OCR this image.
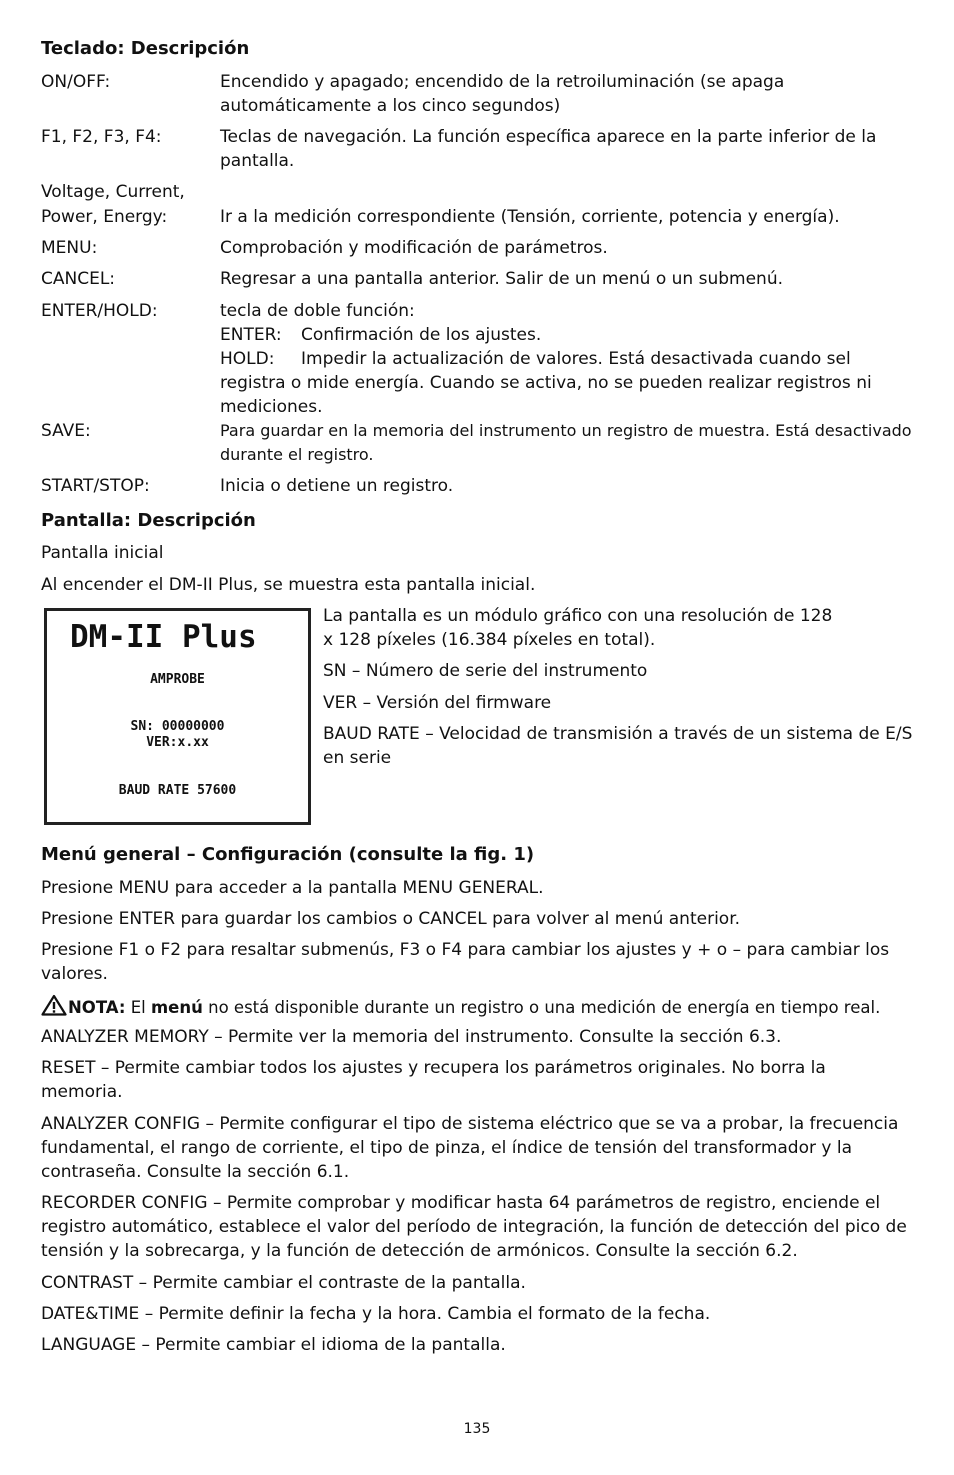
Teclado: Descripción
ON/OFF:	Encendido y apagado; encendido de la retroiluminación (se apaga automáticamente a los cinco segundos)
F1, F2, F3, F4:	Teclas de navegación. La función específica aparece en la parte inferior de la pantalla.
Voltage, Current,
Power, Energy:	Ir a la medición correspondiente (Tensión, corriente, potencia y energía).
MENU:	Comprobación y modificación de parámetros.
CANCEL:	Regresar a una pantalla anterior. Salir de un menú o un submenú.
ENTER/HOLD:	tecla de doble función:
ENTER: Confirmación de los ajustes.
HOLD: Impedir la actualización de valores. Está desactivada cuando sel registra o mide energía. Cuando se activa, no se pueden realizar registros ni mediciones.
SAVE:	Para guardar en la memoria del instrumento un registro de muestra. Está desactivado durante el registro.
START/STOP:	Inicia o detiene un registro.
Pantalla: Descripción

Pantalla inicial

Al encender el DM-II Plus, se muestra esta pantalla inicial.

DM-II Plus
AMPROBE
SN: 00000000
VER:x.xx
BAUD RATE 57600

La pantalla es un módulo gráfico con una resolución de 128 x 128 píxeles (16.384 píxeles en total).

SN – Número de serie del instrumento

VER – Versión del firmware

BAUD RATE – Velocidad de transmisión a través de un sistema de E/S en serie

Menú general – Configuración (consulte la fig. 1)

Presione MENU para acceder a la pantalla MENU GENERAL.

Presione ENTER para guardar los cambios o CANCEL para volver al menú anterior.

Presione F1 o F2 para resaltar submenús, F3 o F4 para cambiar los ajustes y + o – para cambiar los valores.

NOTA: El menú no está disponible durante un registro o una medición de energía en tiempo real.

ANALYZER MEMORY – Permite ver la memoria del instrumento. Consulte la sección 6.3.

RESET – Permite cambiar todos los ajustes y recupera los parámetros originales. No borra la memoria.

ANALYZER CONFIG – Permite configurar el tipo de sistema eléctrico que se va a probar, la frecuencia fundamental, el rango de corriente, el tipo de pinza, el índice de tensión del transformador y la contraseña. Consulte la sección 6.1.

RECORDER CONFIG – Permite comprobar y modificar hasta 64 parámetros de registro, enciende el registro automático, establece el valor del período de integración, la función de detección del pico de tensión y la sobrecarga, y la función de detección de armónicos. Consulte la sección 6.2.

CONTRAST – Permite cambiar el contraste de la pantalla.

DATE&TIME – Permite definir la fecha y la hora. Cambia el formato de la fecha.

LANGUAGE – Permite cambiar el idioma de la pantalla.

135
